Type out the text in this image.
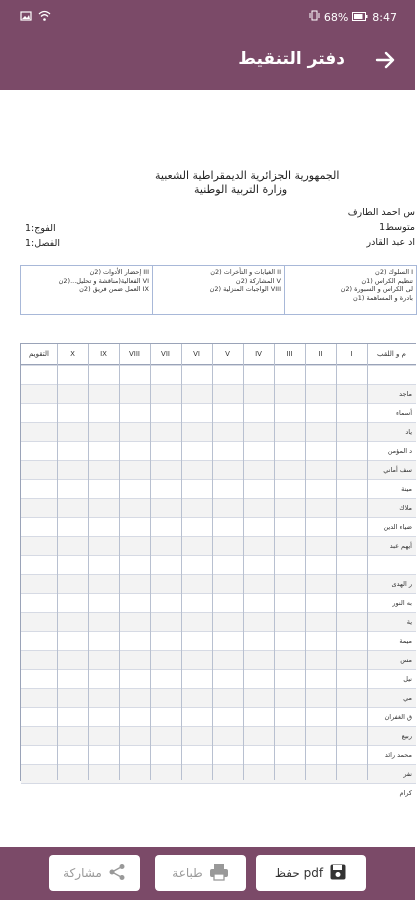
68% 8:47
دفتر التنقيط
الجمهورية الجزائرية الديمقراطية الشعبية
وزارة التربية الوطنية
س احمد الطارف
متوسط1
اد عبد القادر
الفوج:1
الفصل:1
III إحضار الأدوات (2ن
VI الفعالية(مناقشة و تحليل...(2ن
IX العمل ضمن فريق (2ن
II الغيابات و التأخرات (2ن
V المشاركة (2ن
VIII الواجبات المنزلية (2ن
I السلوك (2ن
تنظيم الكراس (1ن
لى الكراس و السبورة (2ن
بادرة و المساهمة (1ن
م و اللقب
I
II
III
IV
V
VI
VII
VIII
IX
X
التقويم
ماجد
أسماء
ياد
د المؤمن
سف أماني
مينة
ملاك
ضياء الدين
أيهم عبد
ر الهدى
به النور
ية
ميمة
مس
نيل
مي
ق الغفران
ربيع
محمد رائد
نفر
كرام
حفظ pdf
طباعة
مشاركة
